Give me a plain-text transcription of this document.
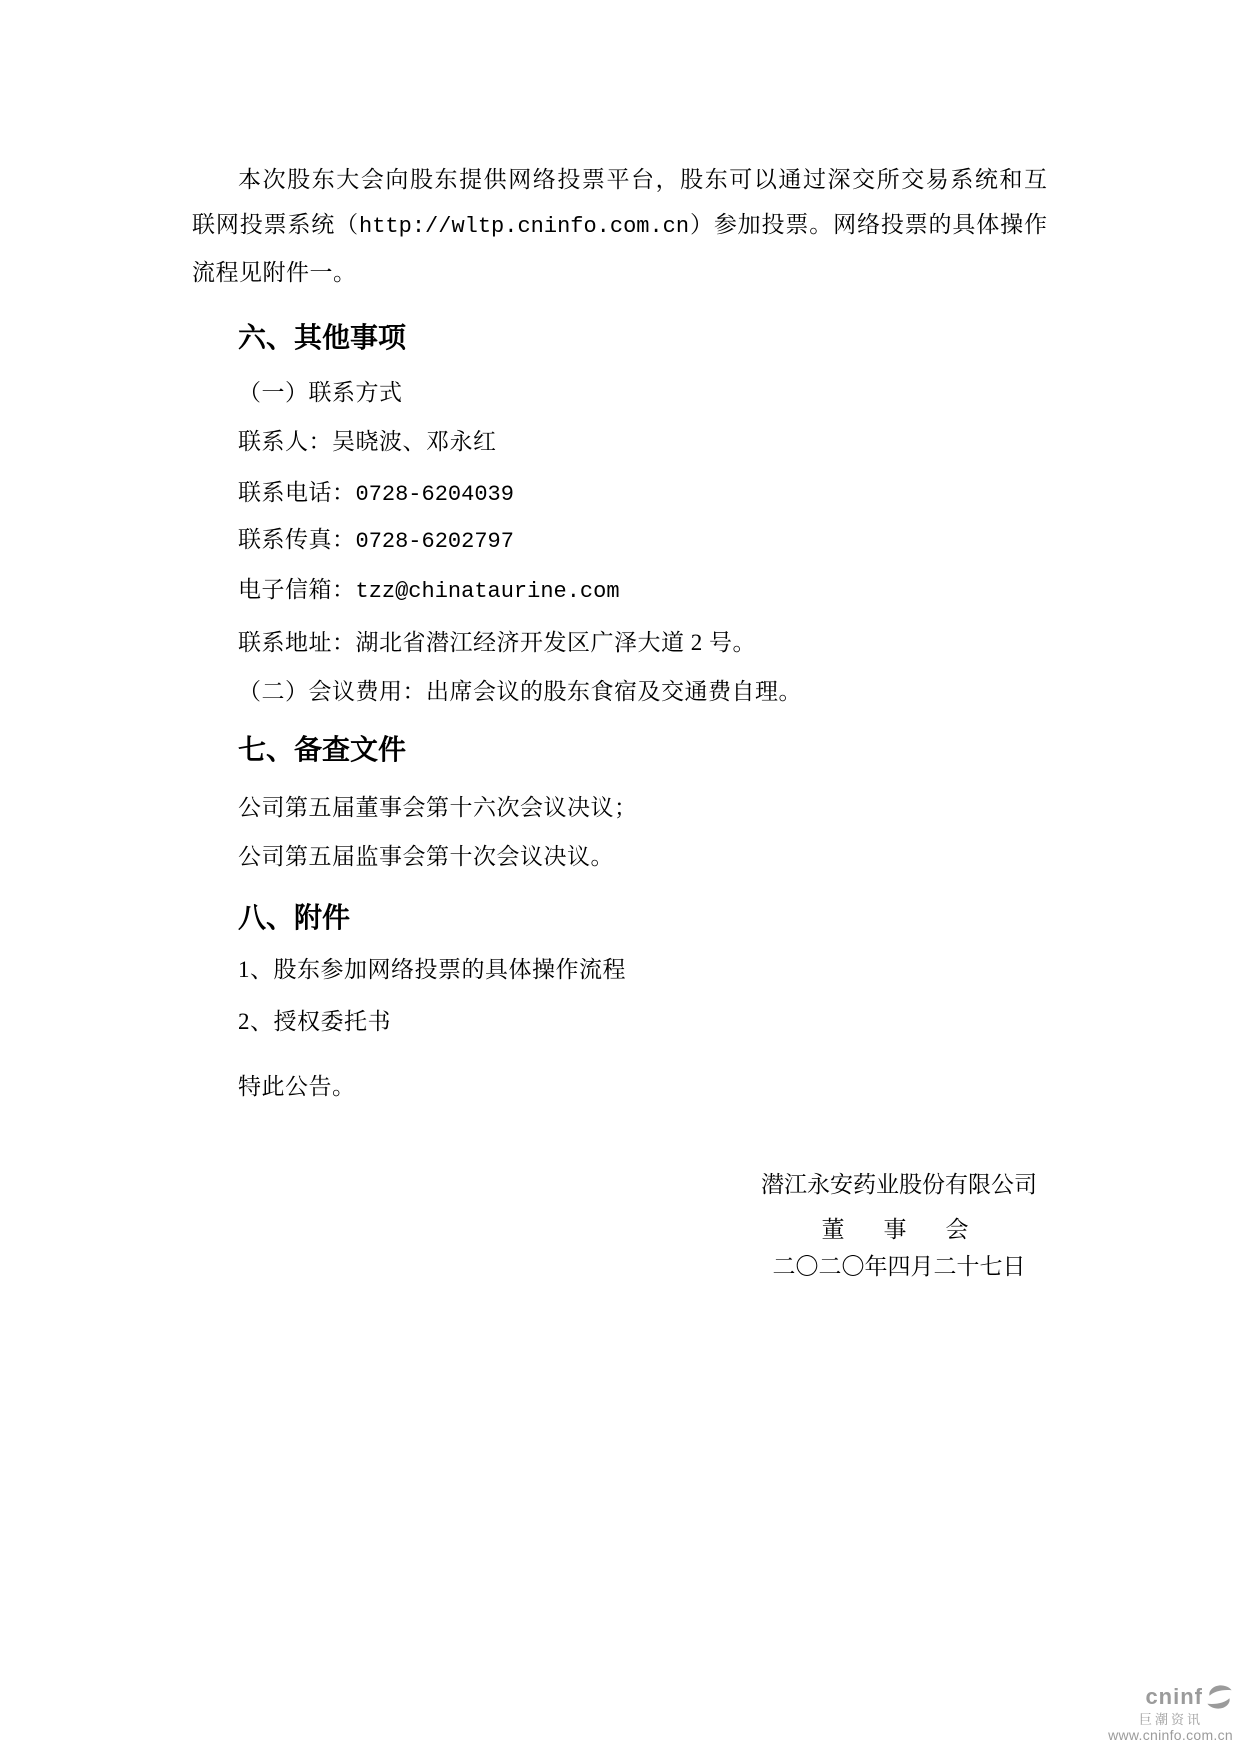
本次股东大会向股东提供网络投票平台，股东可以通过深交所交易系统和互
联网投票系统（http://wltp.cninfo.com.cn）参加投票。网络投票的具体操作
流程见附件一。
六、其他事项
（一）联系方式
联系人：吴晓波、邓永红
联系电话：0728-6204039
联系传真：0728-6202797
电子信箱：tzz@chinataurine.com
联系地址：湖北省潜江经济开发区广泽大道 2 号。
（二）会议费用：出席会议的股东食宿及交通费自理。
七、备查文件
公司第五届董事会第十六次会议决议；
公司第五届监事会第十次会议决议。
八、附件
1、股东参加网络投票的具体操作流程
2、授权委托书
特此公告。
潜江永安药业股份有限公司
董　事　会
二〇二〇年四月二十七日
cninf
巨潮资讯
www.cninfo.com.cn
